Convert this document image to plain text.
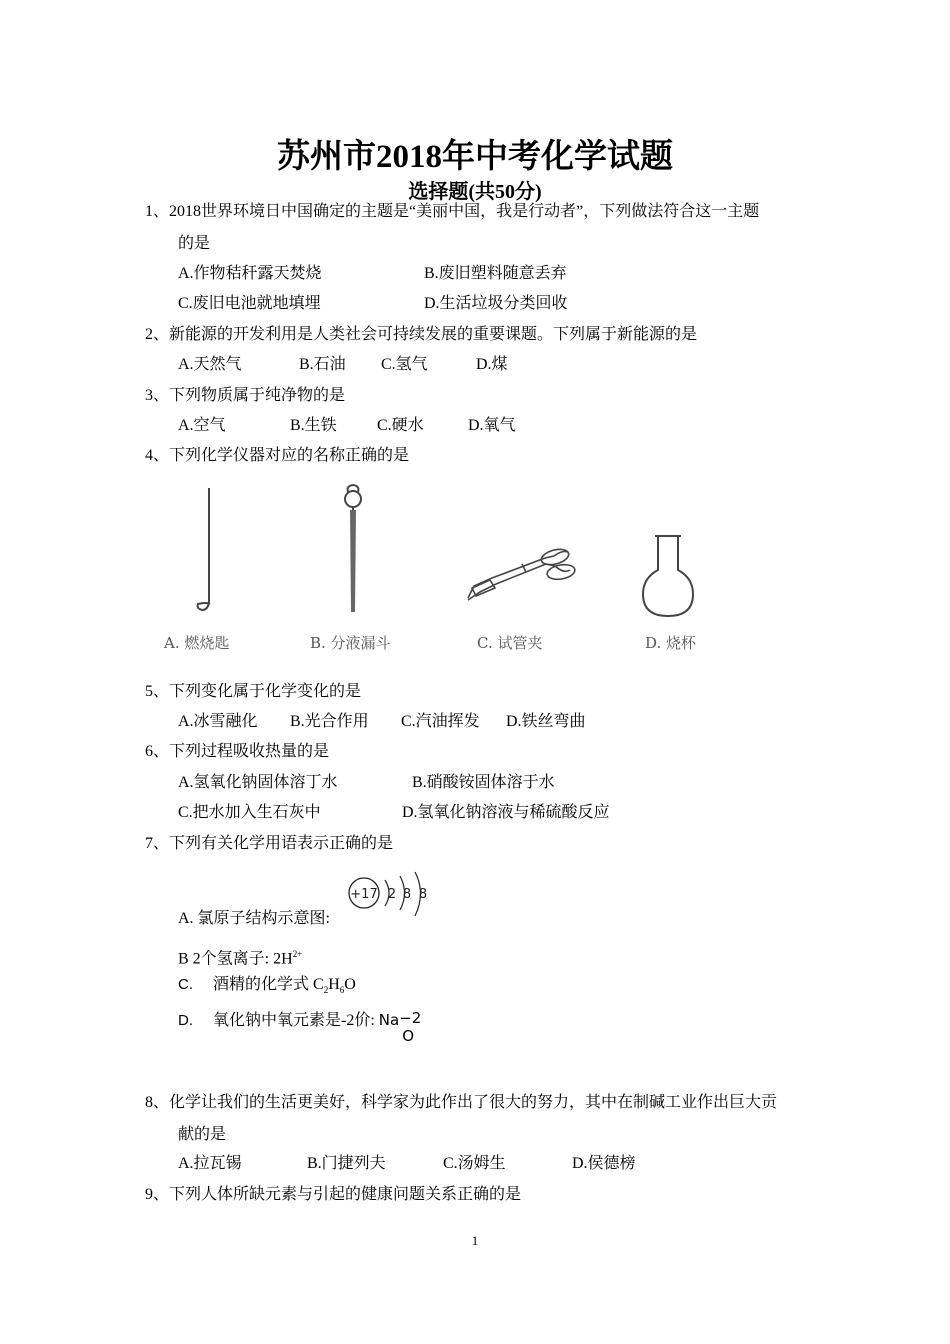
苏州市2018年中考化学试题
选择题(共50分)
1、2018世界环境日中国确定的主题是“美丽中国，我是行动者”，下列做法符合这一主题
的是
A.作物秸秆露天焚烧	B.废旧塑料随意丢弃
C.废旧电池就地填埋	D.生活垃圾分类回收
2、新能源的开发利用是人类社会可持续发展的重要课题。下列属于新能源的是
A.天然气	B.石油 C.氢气	D.煤
3、下列物质属于纯净物的是
A.空气	B.生铁	C.硬水	D.氧气
4、下列化学仪器对应的名称正确的是
A. 燃烧匙	B. 分液漏斗	C. 试管夹	D. 烧杯
5、下列变化属于化学变化的是
A.冰雪融化 B.光合作用 C.汽油挥发 D.铁丝弯曲
6、下列过程吸收热量的是
A.氢氧化钠固体溶丁水	B.硝酸铵固体溶于水
C.把水加入生石灰中	D.氢氧化钠溶液与稀硫酸反应
7、下列有关化学用语表示正确的是
+17 2 8 8
A. 氯原子结构示意图:
B 2个氢离子: $2H^{2+}$
C. 酒精的化学式 $C_2H_6O$
D. 氧化钠中氧元素是-2价: Na −2
O

8、化学让我们的生活更美好，科学家为此作出了很大的努力，其中在制碱工业作出巨大贡
献的是
A.拉瓦锡	B.门捷列夫	C.汤姆生	D.侯德榜
9、下列人体所缺元素与引起的健康问题关系正确的是
1
